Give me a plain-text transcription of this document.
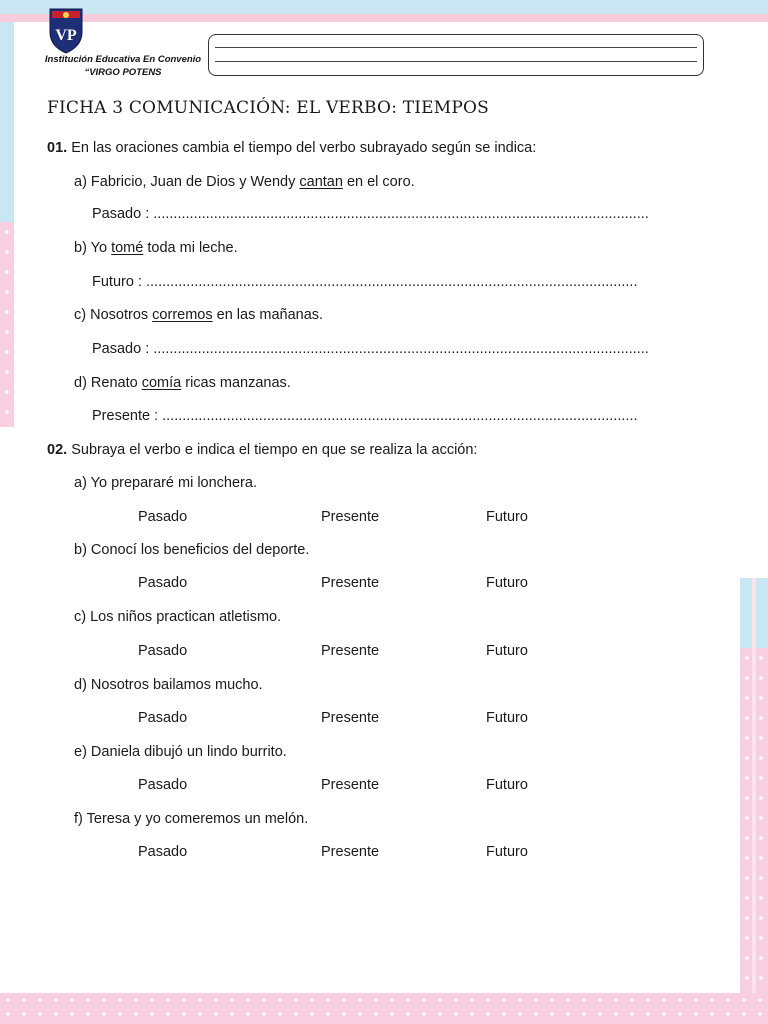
VP
Institución Educativa En Convenio
“VIRGO POTENS
FICHA 3 COMUNICACIÓN: EL VERBO: TIEMPOS
01. En las oraciones cambia el tiempo del verbo subrayado según se indica:
a) Fabricio, Juan de Dios y Wendy cantan en el coro.
Pasado : ...........................................................................................................................
b) Yo tomé toda mi leche.
Futuro : ..........................................................................................................................
c) Nosotros corremos en las mañanas.
Pasado : ...........................................................................................................................
d) Renato comía ricas manzanas.
Presente : ......................................................................................................................
02. Subraya el verbo e indica el tiempo en que se realiza la acción:
a) Yo prepararé mi lonchera.
Pasado	Presente	Futuro
b) Conocí los beneficios del deporte.
Pasado	Presente	Futuro
c) Los niños practican atletismo.
Pasado	Presente	Futuro
d) Nosotros bailamos mucho.
Pasado	Presente	Futuro
e) Daniela dibujó un lindo burrito.
Pasado	Presente	Futuro
f) Teresa y yo comeremos un melón.
Pasado	Presente	Futuro
